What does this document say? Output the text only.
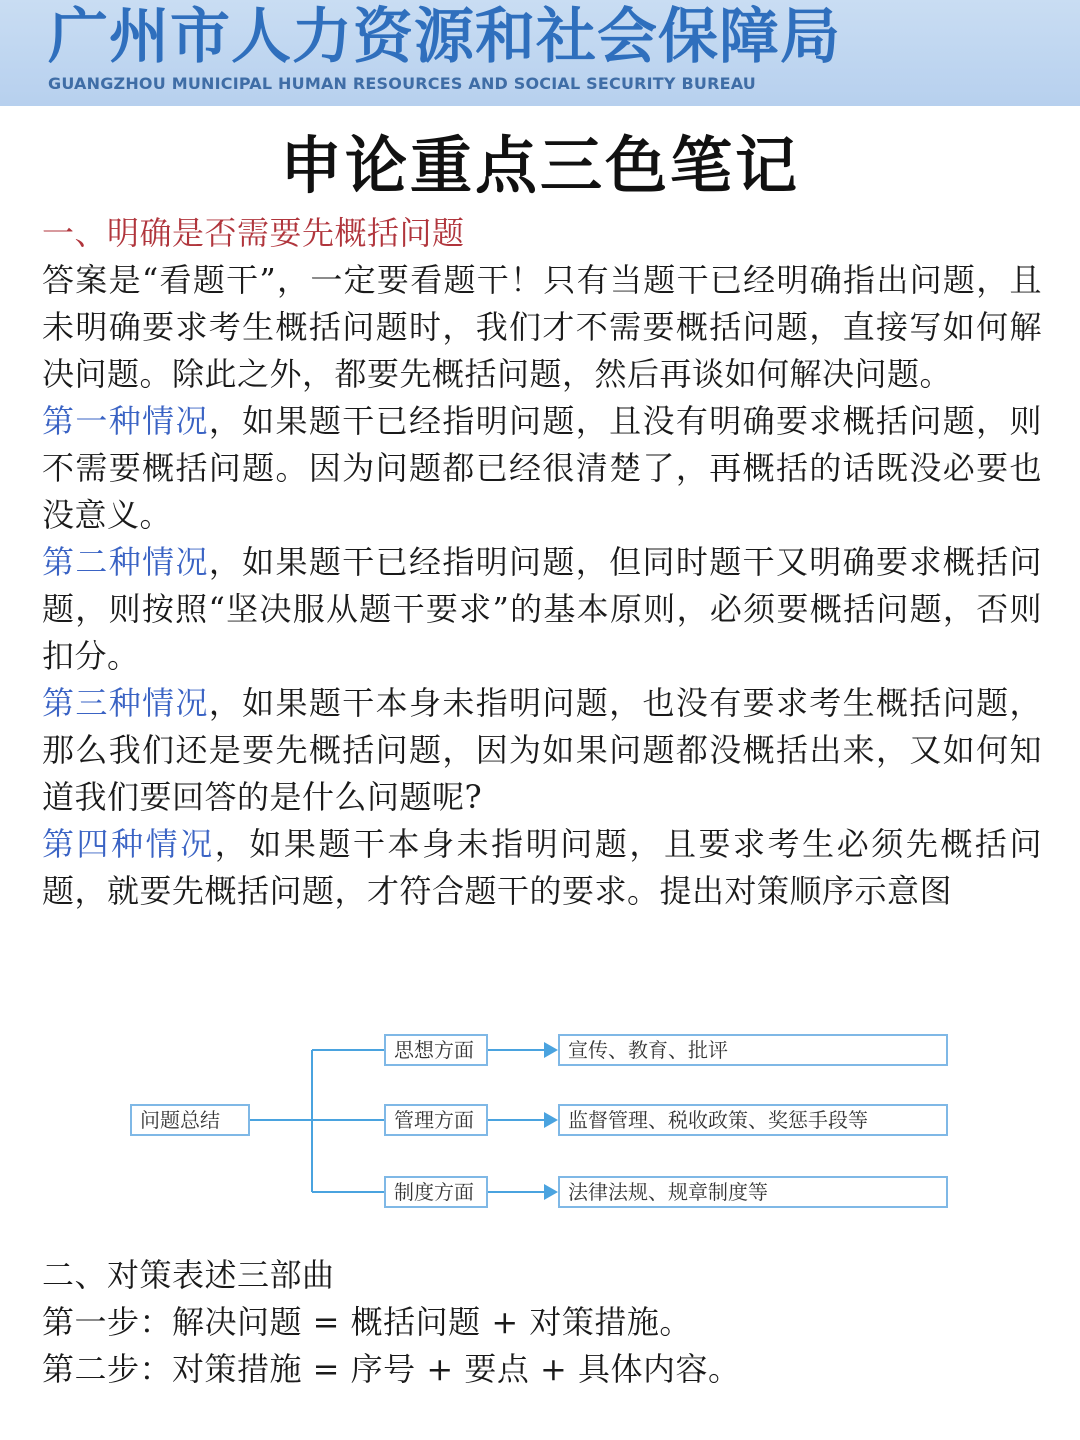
广州市人力资源和社会保障局
GUANGZHOU MUNICIPAL HUMAN RESOURCES AND SOCIAL SECURITY BUREAU
申论重点三色笔记

一、明确是否需要先概括问题

答案是“看题干”，一定要看题干！只有当题干已经明确指出问题，且未明确要求考生概括问题时，我们才不需要概括问题，直接写如何解决问题。除此之外，都要先概括问题，然后再谈如何解决问题。

第一种情况，如果题干已经指明问题，且没有明确要求概括问题，则不需要概括问题。因为问题都已经很清楚了，再概括的话既没必要也没意义。

第二种情况，如果题干已经指明问题，但同时题干又明确要求概括问题，则按照“坚决服从题干要求”的基本原则，必须要概括问题，否则扣分。

第三种情况，如果题干本身未指明问题，也没有要求考生概括问题，那么我们还是要先概括问题，因为如果问题都没概括出来，又如何知道我们要回答的是什么问题呢?

第四种情况，如果题干本身未指明问题，且要求考生必须先概括问题，就要先概括问题，才符合题干的要求。提出对策顺序示意图

问题总结
思想方面
管理方面
制度方面
宣传、教育、批评
监督管理、税收政策、奖惩手段等
法律法规、规章制度等

二、对策表述三部曲

第一步：解决问题 = 概括问题 + 对策措施。

第二步：对策措施 = 序号 + 要点 + 具体内容。
